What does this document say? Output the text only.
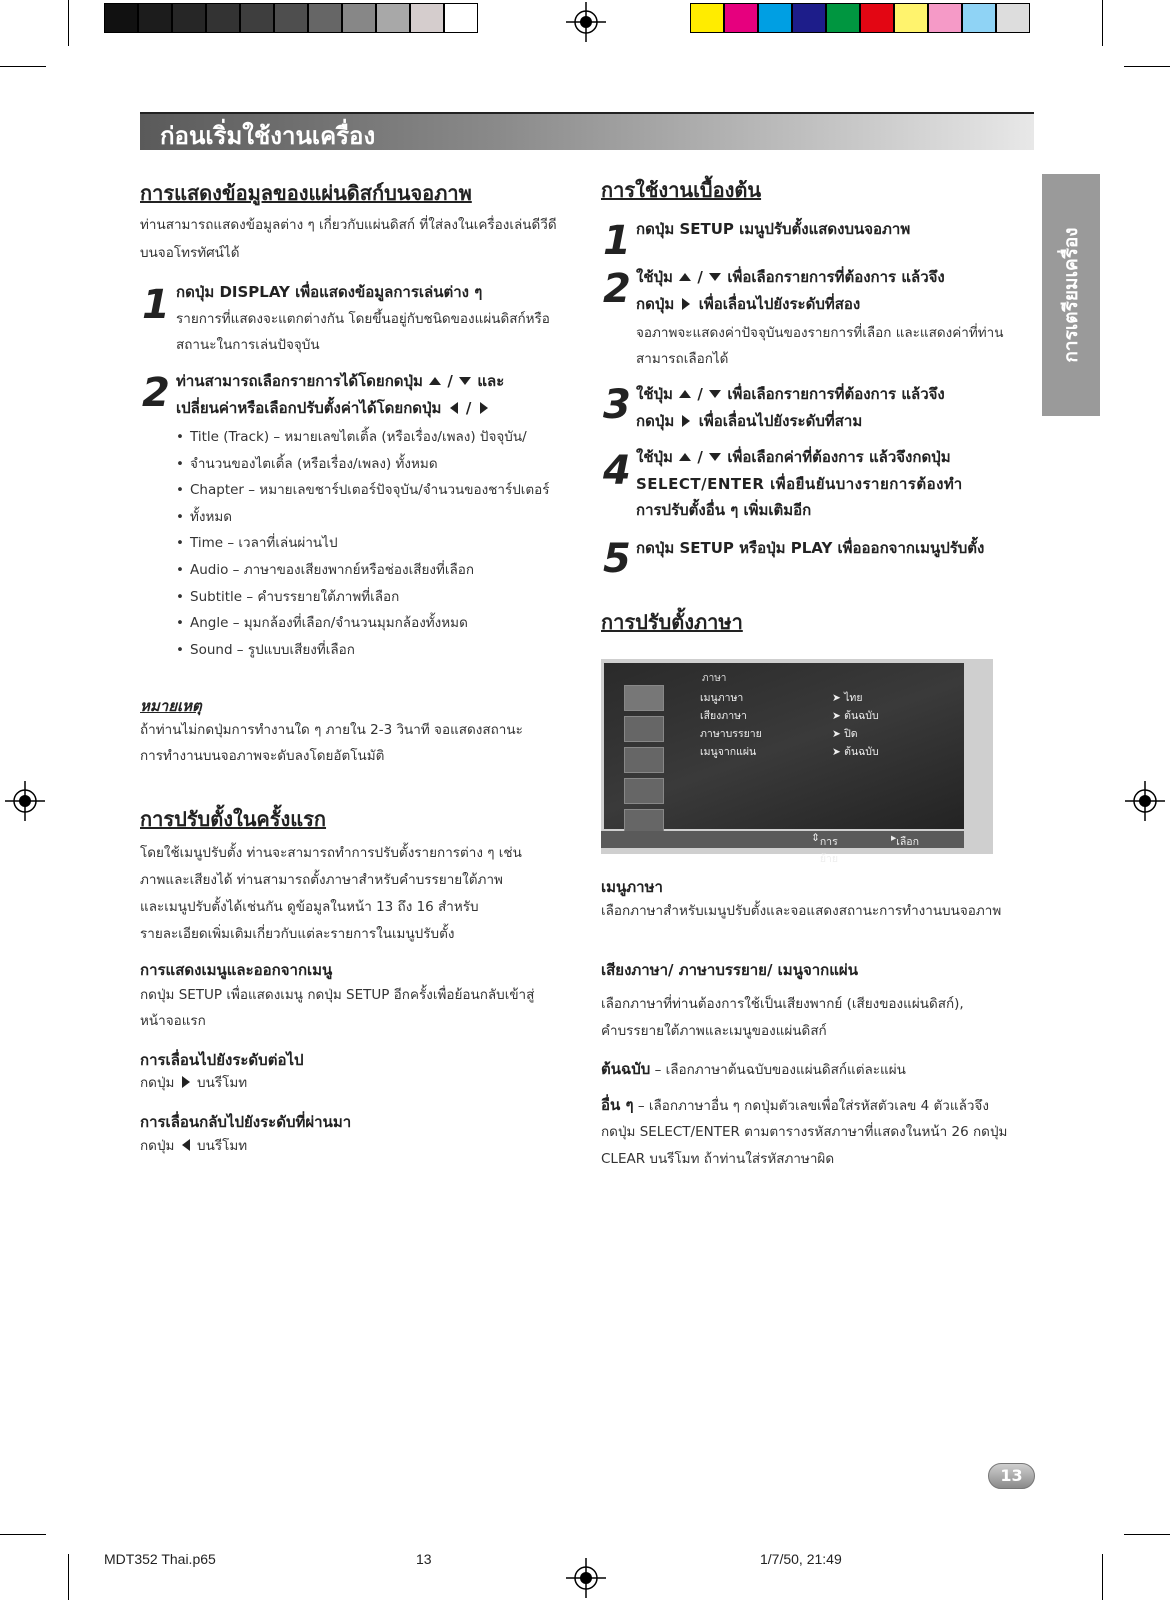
ก่อนเริ่มใช้งานเครื่อง
การเตรียมเครื่อง
การแสดงข้อมูลของแผ่นดิสก์บนจอภาพ
ท่านสามารถแสดงข้อมูลต่าง ๆ เกี่ยวกับแผ่นดิสก์ ที่ใส่ลงในเครื่องเล่นดีวีดี
บนจอโทรทัศน์ได้
1 กดปุ่ม DISPLAY เพื่อแสดงข้อมูลการเล่นต่าง ๆ
รายการที่แสดงจะแตกต่างกัน โดยขึ้นอยู่กับชนิดของแผ่นดิสก์หรือ
สถานะในการเล่นปัจจุบัน
2 ท่านสามารถเลือกรายการได้โดยกดปุ่ม  /  และ
เปลี่ยนค่าหรือเลือกปรับตั้งค่าได้โดยกดปุ่ม  /
• Title (Track) – หมายเลขไตเติ้ล (หรือเรื่อง/เพลง) ปัจจุบัน/
• จำนวนของไตเติ้ล (หรือเรื่อง/เพลง) ทั้งหมด
• Chapter – หมายเลขชาร์ปเตอร์ปัจจุบัน/จำนวนของชาร์ปเตอร์
• ทั้งหมด
• Time – เวลาที่เล่นผ่านไป
• Audio – ภาษาของเสียงพากย์หรือช่องเสียงที่เลือก
• Subtitle – คำบรรยายใต้ภาพที่เลือก
• Angle – มุมกล้องที่เลือก/จำนวนมุมกล้องทั้งหมด
• Sound – รูปแบบเสียงที่เลือก
หมายเหตุ
ถ้าท่านไม่กดปุ่มการทำงานใด ๆ ภายใน 2-3 วินาที จอแสดงสถานะ
การทำงานบนจอภาพจะดับลงโดยอัตโนมัติ
การปรับตั้งในครั้งแรก
โดยใช้เมนูปรับตั้ง ท่านจะสามารถทำการปรับตั้งรายการต่าง ๆ เช่น
ภาพและเสียงได้ ท่านสามารถตั้งภาษาสำหรับคำบรรยายใต้ภาพ
และเมนูปรับตั้งได้เช่นกัน ดูข้อมูลในหน้า 13 ถึง 16 สำหรับ
รายละเอียดเพิ่มเติมเกี่ยวกับแต่ละรายการในเมนูปรับตั้ง
การแสดงเมนูและออกจากเมนู
กดปุ่ม SETUP เพื่อแสดงเมนู กดปุ่ม SETUP อีกครั้งเพื่อย้อนกลับเข้าสู่
หน้าจอแรก
การเลื่อนไปยังระดับต่อไป
กดปุ่ม บนรีโมท
การเลื่อนกลับไปยังระดับที่ผ่านมา
กดปุ่ม บนรีโมท
การใช้งานเบื้องต้น
1 กดปุ่ม SETUP เมนูปรับตั้งแสดงบนจอภาพ
2 ใช้ปุ่ม  /  เพื่อเลือกรายการที่ต้องการ แล้วจึง
กดปุ่ม เพื่อเลื่อนไปยังระดับที่สอง
จอภาพจะแสดงค่าปัจจุบันของรายการที่เลือก และแสดงค่าที่ท่าน
สามารถเลือกได้
3 ใช้ปุ่ม  /  เพื่อเลือกรายการที่ต้องการ แล้วจึง
กดปุ่ม เพื่อเลื่อนไปยังระดับที่สาม
4 ใช้ปุ่ม  /  เพื่อเลือกค่าที่ต้องการ แล้วจึงกดปุ่ม
SELECT/ENTER เพื่อยืนยันบางรายการต้องทำ
การปรับตั้งอื่น ๆ เพิ่มเติมอีก
5 กดปุ่ม SETUP หรือปุ่ม PLAY เพื่อออกจากเมนูปรับตั้ง
การปรับตั้งภาษา
ภาษา
เมนูภาษา	➤ ไทย
เสียงภาษา	➤ ต้นฉบับ
ภาษาบรรยาย	➤ ปิด
เมนูจากแผ่น	➤ ต้นฉบับ
⇕ การย้าย
▸ เลือก
เมนูภาษา
เลือกภาษาสำหรับเมนูปรับตั้งและจอแสดงสถานะการทำงานบนจอภาพ
เสียงภาษา/ ภาษาบรรยาย/ เมนูจากแผ่น
เลือกภาษาที่ท่านต้องการใช้เป็นเสียงพากย์ (เสียงของแผ่นดิสก์),
คำบรรยายใต้ภาพและเมนูของแผ่นดิสก์
ต้นฉบับ – เลือกภาษาต้นฉบับของแผ่นดิสก์แต่ละแผ่น
อื่น ๆ – เลือกภาษาอื่น ๆ กดปุ่มตัวเลขเพื่อใส่รหัสตัวเลข 4 ตัวแล้วจึง
กดปุ่ม SELECT/ENTER ตามตารางรหัสภาษาที่แสดงในหน้า 26 กดปุ่ม
CLEAR บนรีโมท ถ้าท่านใส่รหัสภาษาผิด
13
MDT352 Thai.p65	13	1/7/50, 21:49
